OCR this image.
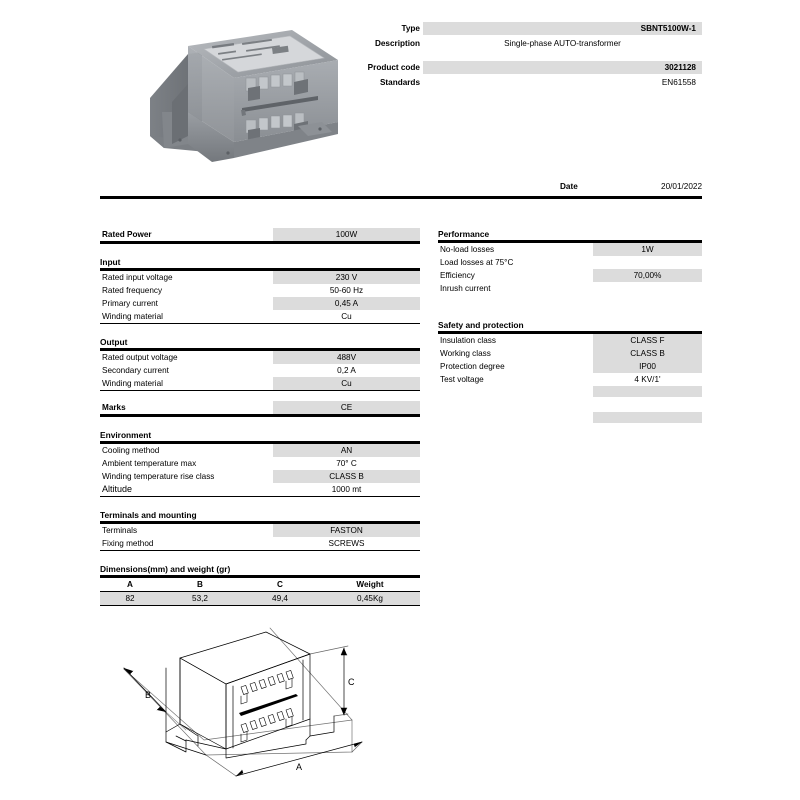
Type	SBNT5100W-1
Description	Single-phase AUTO-transformer
Product code	3021128
Standards	EN61558
Date	20/01/2022
Rated Power	100W
Input
Rated input voltage	230 V
Rated frequency	50-60 Hz
Primary current	0,45 A
Winding material	Cu
Output
Rated output voltage	488V
Secondary current	0,2 A
Winding material	Cu
Marks	CE
Environment
Cooling method	AN
Ambient temperature max	70° C
Winding temperature rise class	CLASS B
Altitude	1000 mt
Terminals and mounting
Terminals	FASTON
Fixing method	SCREWS
Dimensions(mm) and weight (gr)
A	B	C	Weight
82	53,2	49,4	0,45Kg
Performance
No-load losses	1W
Load losses at 75°C
Efficiency	70,00%
Inrush current
Safety and protection
Insulation class	CLASS F
Working class	CLASS B
Protection degree	IP00
Test voltage	4 KV/1'
A
B
C
